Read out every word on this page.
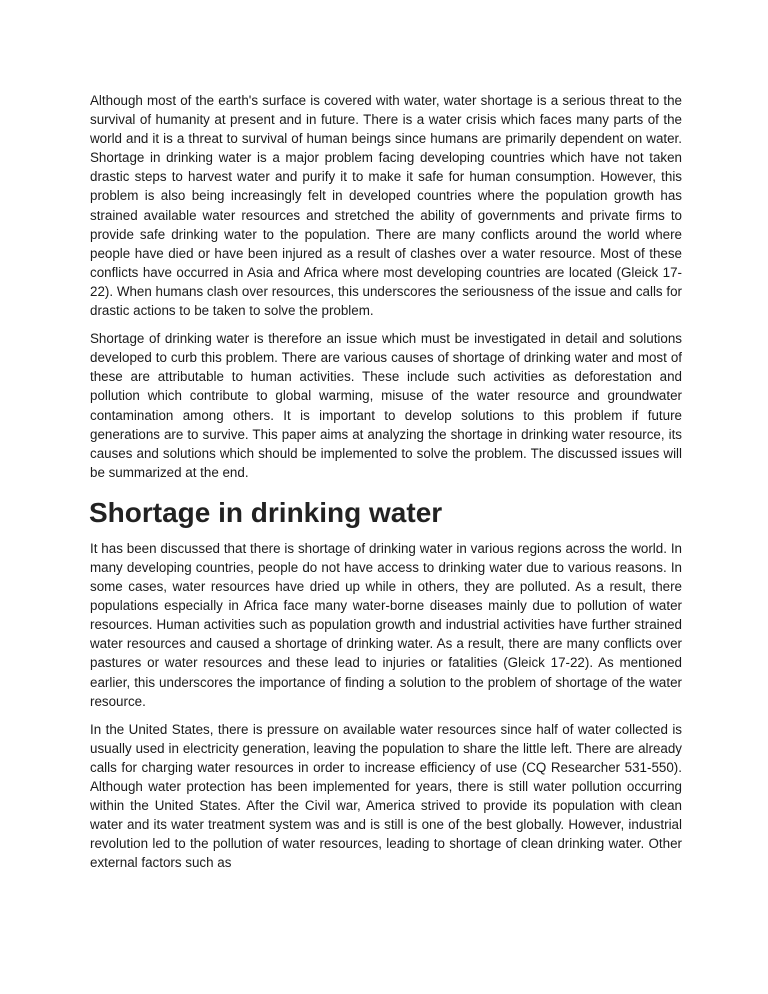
Although most of the earth's surface is covered with water, water shortage is a serious threat to the survival of humanity at present and in future. There is a water crisis which faces many parts of the world and it is a threat to survival of human beings since humans are primarily dependent on water. Shortage in drinking water is a major problem facing developing countries which have not taken drastic steps to harvest water and purify it to make it safe for human consumption. However, this problem is also being increasingly felt in developed countries where the population growth has strained available water resources and stretched the ability of governments and private firms to provide safe drinking water to the population. There are many conflicts around the world where people have died or have been injured as a result of clashes over a water resource. Most of these conflicts have occurred in Asia and Africa where most developing countries are located (Gleick 17-22). When humans clash over resources, this underscores the seriousness of the issue and calls for drastic actions to be taken to solve the problem.

Shortage of drinking water is therefore an issue which must be investigated in detail and solutions developed to curb this problem. There are various causes of shortage of drinking water and most of these are attributable to human activities. These include such activities as deforestation and pollution which contribute to global warming, misuse of the water resource and groundwater contamination among others. It is important to develop solutions to this problem if future generations are to survive. This paper aims at analyzing the shortage in drinking water resource, its causes and solutions which should be implemented to solve the problem. The discussed issues will be summarized at the end.

Shortage in drinking water

It has been discussed that there is shortage of drinking water in various regions across the world. In many developing countries, people do not have access to drinking water due to various reasons. In some cases, water resources have dried up while in others, they are polluted. As a result, there populations especially in Africa face many water-borne diseases mainly due to pollution of water resources. Human activities such as population growth and industrial activities have further strained water resources and caused a shortage of drinking water. As a result, there are many conflicts over pastures or water resources and these lead to injuries or fatalities (Gleick 17-22). As mentioned earlier, this underscores the importance of finding a solution to the problem of shortage of the water resource.

In the United States, there is pressure on available water resources since half of water collected is usually used in electricity generation, leaving the population to share the little left. There are already calls for charging water resources in order to increase efficiency of use (CQ Researcher 531-550). Although water protection has been implemented for years, there is still water pollution occurring within the United States. After the Civil war, America strived to provide its population with clean water and its water treatment system was and is still is one of the best globally. However, industrial revolution led to the pollution of water resources, leading to shortage of clean drinking water. Other external factors such as
